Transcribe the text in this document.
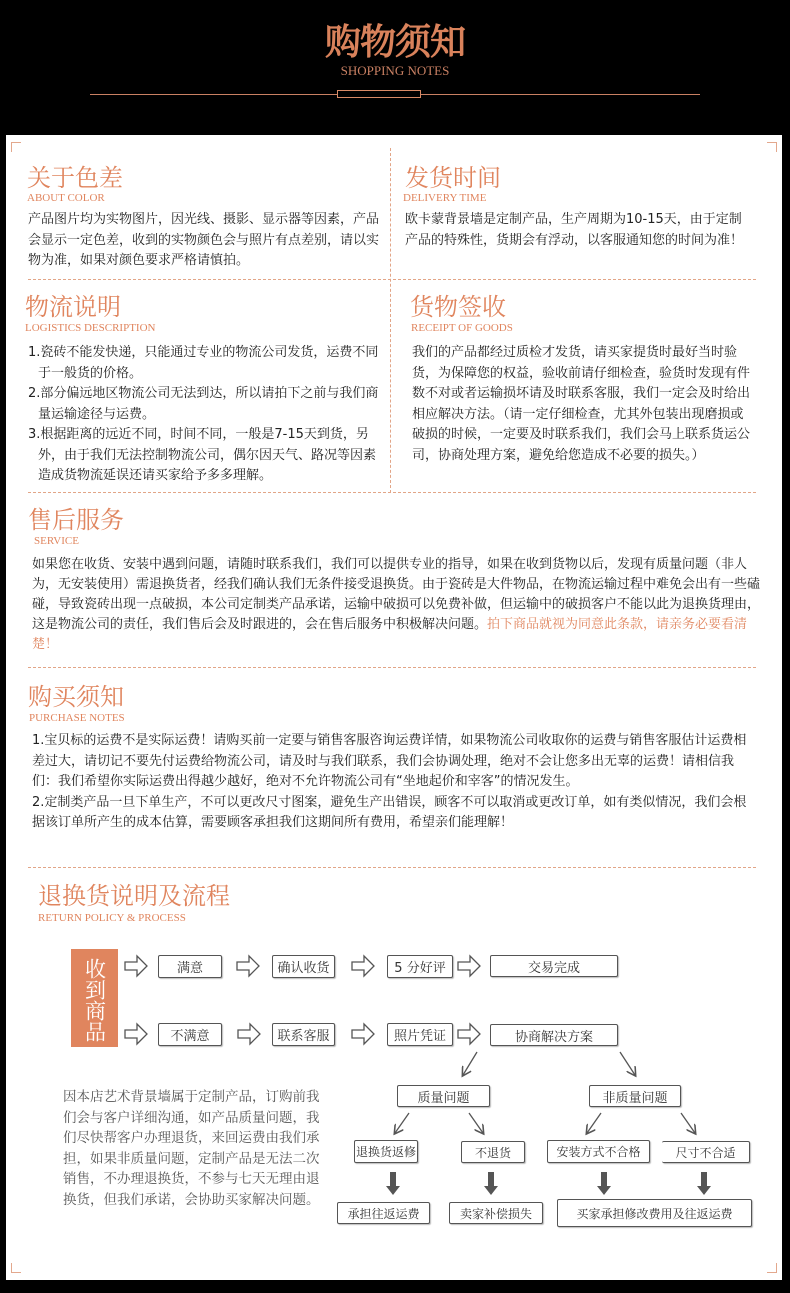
购物须知
SHOPPING NOTES
关于色差
ABOUT COLOR
产品图片均为实物图片，因光线、摄影、显示器等因素，产品会显示一定色差，收到的实物颜色会与照片有点差别，请以实物为准，如果对颜色要求严格请慎拍。
发货时间
DELIVERY TIME
欧卡蒙背景墙是定制产品，生产周期为10-15天，由于定制产品的特殊性，货期会有浮动，以客服通知您的时间为准！
物流说明
LOGISTICS DESCRIPTION
1.瓷砖不能发快递，只能通过专业的物流公司发货，运费不同于一般货的价格。
2.部分偏远地区物流公司无法到达，所以请拍下之前与我们商量运输途径与运费。
3.根据距离的远近不同，时间不同，一般是7-15天到货，另外，由于我们无法控制物流公司，偶尔因天气、路况等因素造成货物流延误还请买家给予多多理解。
货物签收
RECEIPT OF GOODS
我们的产品都经过质检才发货，请买家提货时最好当时验货，为保障您的权益，验收前请仔细检查，验货时发现有件数不对或者运输损坏请及时联系客服，我们一定会及时给出相应解决方法。（请一定仔细检查，尤其外包装出现磨损或破损的时候，一定要及时联系我们，我们会马上联系货运公司，协商处理方案，避免给您造成不必要的损失。）
售后服务
SERVICE
如果您在收货、安装中遇到问题，请随时联系我们，我们可以提供专业的指导，如果在收到货物以后，发现有质量问题（非人为，无安装使用）需退换货者，经我们确认我们无条件接受退换货。由于瓷砖是大件物品，在物流运输过程中难免会出有一些磕碰，导致瓷砖出现一点破损，本公司定制类产品承诺，运输中破损可以免费补做，但运输中的破损客户不能以此为退换货理由，这是物流公司的责任，我们售后会及时跟进的，会在售后服务中积极解决问题。拍下商品就视为同意此条款，请亲务必要看清楚！
购买须知
PURCHASE NOTES
1.宝贝标的运费不是实际运费！请购买前一定要与销售客服咨询运费详情，如果物流公司收取你的运费与销售客服估计运费相差过大，请切记不要先付运费给物流公司，请及时与我们联系，我们会协调处理，绝对不会让您多出无辜的运费！请相信我们：我们希望你实际运费出得越少越好，绝对不允许物流公司有“坐地起价和宰客”的情况发生。
2.定制类产品一旦下单生产，不可以更改尺寸图案，避免生产出错误，顾客不可以取消或更改订单，如有类似情况，我们会根据该订单所产生的成本估算，需要顾客承担我们这期间所有费用，希望亲们能理解！
退换货说明及流程
RETURN POLICY & PROCESS
收到商品	满意	确认收货	5 分好评	交易完成
不满意	联系客服	照片凭证	协商解决方案
质量问题	非质量问题
退换货返修	不退货	安装方式不合格	尺寸不合适
承担往返运费	卖家补偿损失	买家承担修改费用及往返运费
因本店艺术背景墙属于定制产品，订购前我们会与客户详细沟通，如产品质量问题，我们尽快帮客户办理退货，来回运费由我们承担，如果非质量问题，定制产品是无法二次销售，不办理退换货，不参与七天无理由退换货，但我们承诺，会协助买家解决问题。
